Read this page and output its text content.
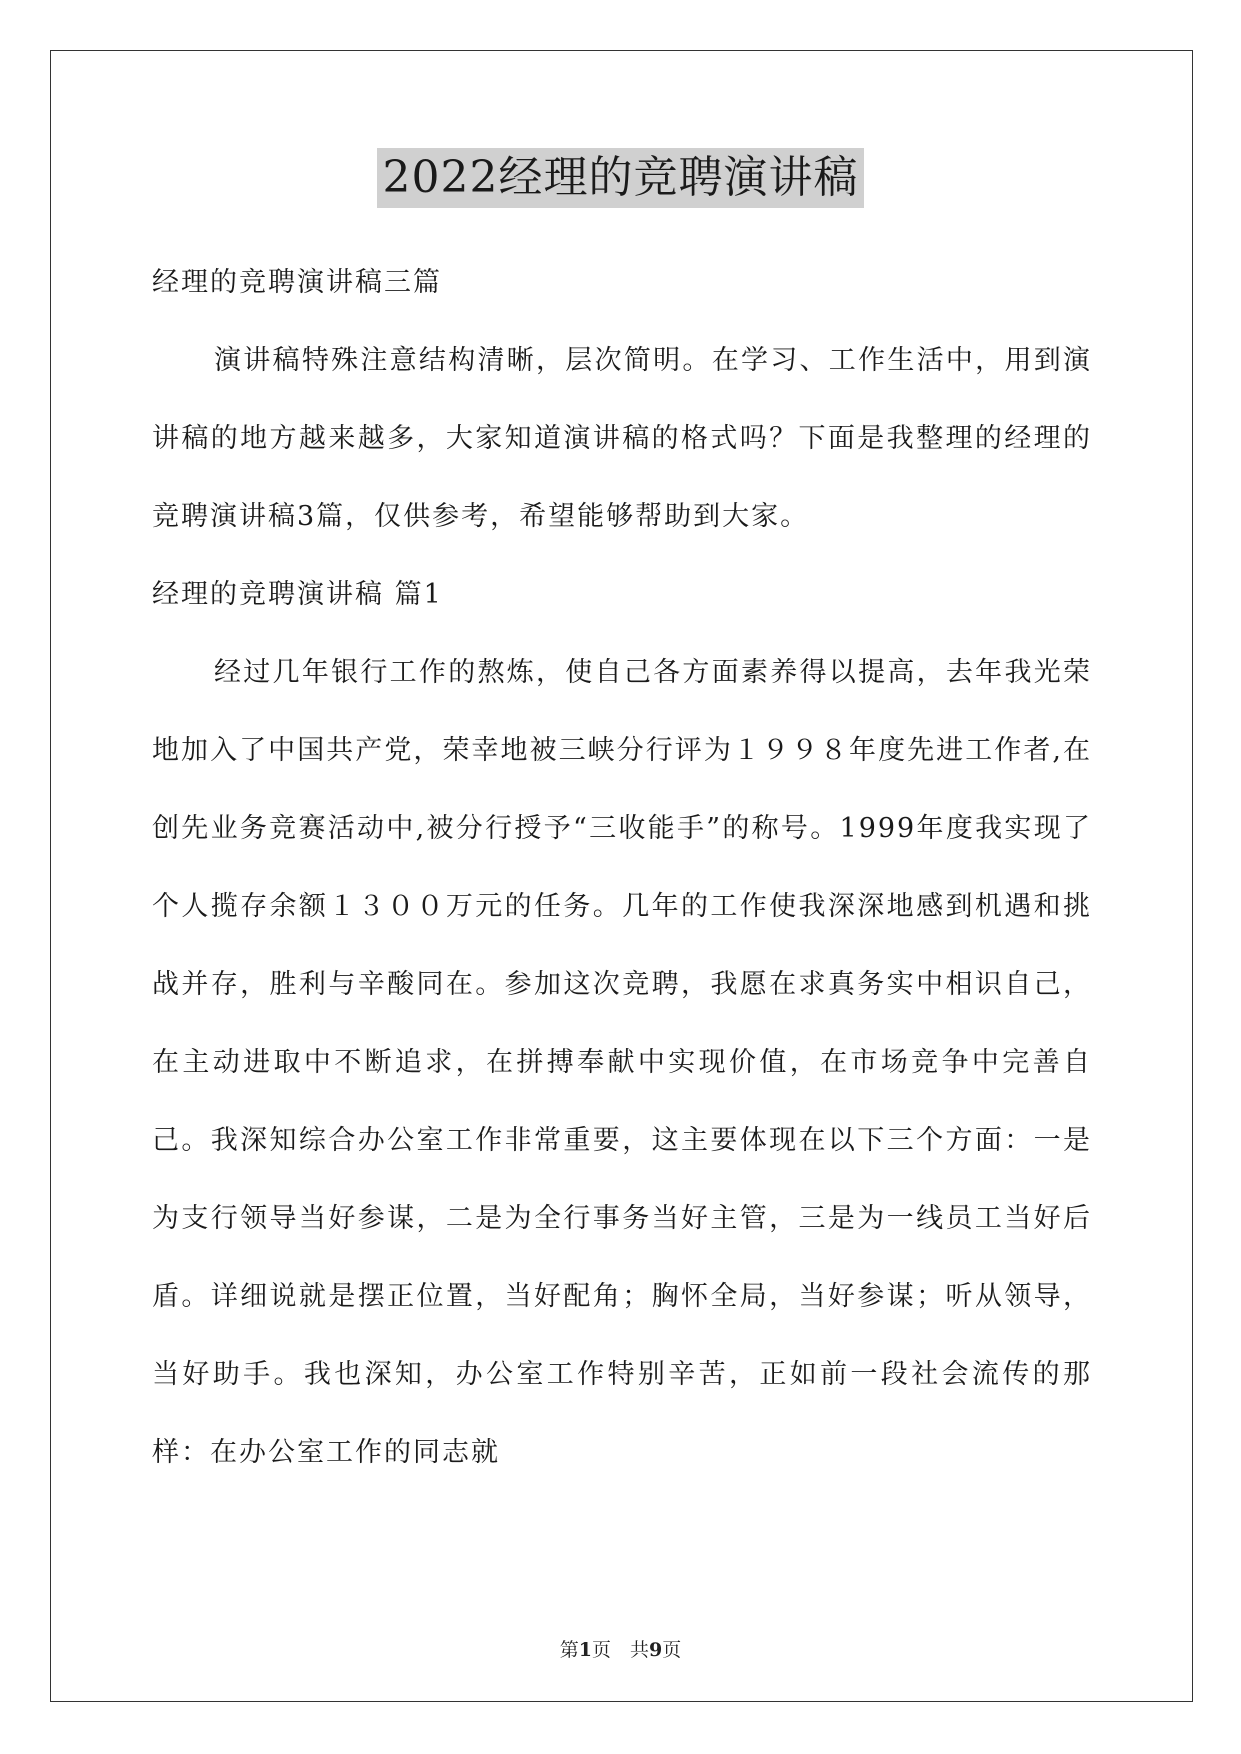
2022经理的竞聘演讲稿

经理的竞聘演讲稿三篇

演讲稿特殊注意结构清晰，层次简明。在学习、工作生活中，用到演讲稿的地方越来越多，大家知道演讲稿的格式吗？下面是我整理的经理的竞聘演讲稿3篇，仅供参考，希望能够帮助到大家。

经理的竞聘演讲稿 篇1

经过几年银行工作的熬炼，使自己各方面素养得以提高，去年我光荣地加入了中国共产党，荣幸地被三峡分行评为１９９８年度先进工作者,在创先业务竞赛活动中,被分行授予“三收能手”的称号。1999年度我实现了个人揽存余额１３００万元的任务。几年的工作使我深深地感到机遇和挑战并存，胜利与辛酸同在。参加这次竞聘，我愿在求真务实中相识自己，在主动进取中不断追求，在拼搏奉献中实现价值，在市场竞争中完善自己。我深知综合办公室工作非常重要，这主要体现在以下三个方面：一是为支行领导当好参谋，二是为全行事务当好主管，三是为一线员工当好后盾。详细说就是摆正位置，当好配角；胸怀全局，当好参谋；听从领导，当好助手。我也深知，办公室工作特别辛苦，正如前一段社会流传的那样：在办公室工作的同志就

第1页　共9页
